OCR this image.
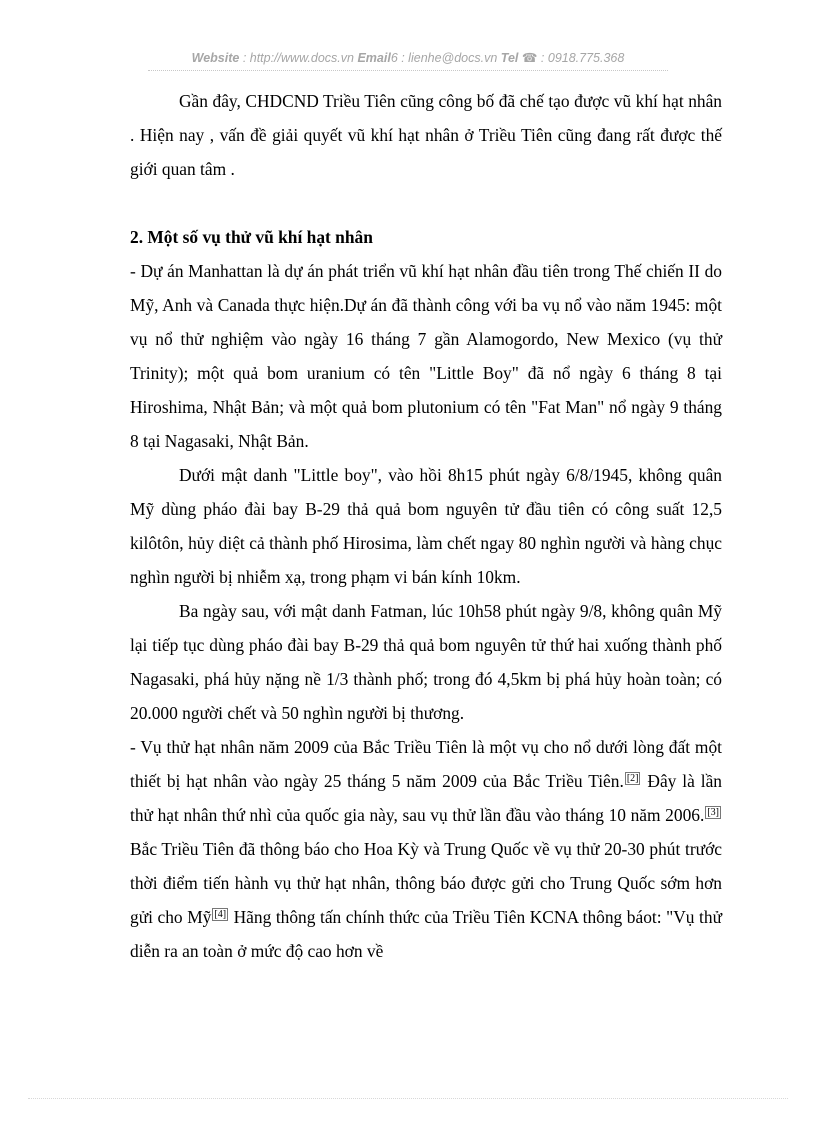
Website : http://www.docs.vn Email6 : lienhe@docs.vn Tel ☎ : 0918.775.368

Gần đây, CHDCND Triều Tiên cũng công bố đã chế tạo được vũ khí hạt nhân . Hiện nay , vấn đề giải quyết vũ khí hạt nhân ở Triều Tiên cũng đang rất được thế giới quan tâm .

2. Một số vụ thử vũ khí hạt nhân

- Dự án Manhattan là dự án phát triển vũ khí hạt nhân đầu tiên trong Thế chiến II do Mỹ, Anh và Canada thực hiện.Dự án đã thành công với ba vụ nổ vào năm 1945: một vụ nổ thử nghiệm vào ngày 16 tháng 7 gần Alamogordo, New Mexico (vụ thử Trinity); một quả bom uranium có tên "Little Boy" đã nổ ngày 6 tháng 8 tại Hiroshima, Nhật Bản; và một quả bom plutonium có tên "Fat Man" nổ ngày 9 tháng 8 tại Nagasaki, Nhật Bản.

Dưới mật danh "Little boy", vào hồi 8h15 phút ngày 6/8/1945, không quân Mỹ dùng pháo đài bay B-29 thả quả bom nguyên tử đầu tiên có công suất 12,5 kilôtôn, hủy diệt cả thành phố Hirosima, làm chết ngay 80 nghìn người và hàng chục nghìn người bị nhiễm xạ, trong phạm vi bán kính 10km.

Ba ngày sau, với mật danh Fatman, lúc 10h58 phút ngày 9/8, không quân Mỹ lại tiếp tục dùng pháo đài bay B-29 thả quả bom nguyên tử thứ hai xuống thành phố Nagasaki, phá hủy nặng nề 1/3 thành phố; trong đó 4,5km bị phá hủy hoàn toàn; có 20.000 người chết và 50 nghìn người bị thương.

- Vụ thử hạt nhân năm 2009 của Bắc Triều Tiên là một vụ cho nổ dưới lòng đất một thiết bị hạt nhân vào ngày 25 tháng 5 năm 2009 của Bắc Triều Tiên. [2] Đây là lần thử hạt nhân thứ nhì của quốc gia này, sau vụ thử lần đầu vào tháng 10 năm 2006. [3] Bắc Triều Tiên đã thông báo cho Hoa Kỳ và Trung Quốc về vụ thử 20-30 phút trước thời điểm tiến hành vụ thử hạt nhân, thông báo được gửi cho Trung Quốc sớm hơn gửi cho Mỹ [4] Hãng thông tấn chính thức của Triều Tiên KCNA thông báot: "Vụ thử diễn ra an toàn ở mức độ cao hơn về
